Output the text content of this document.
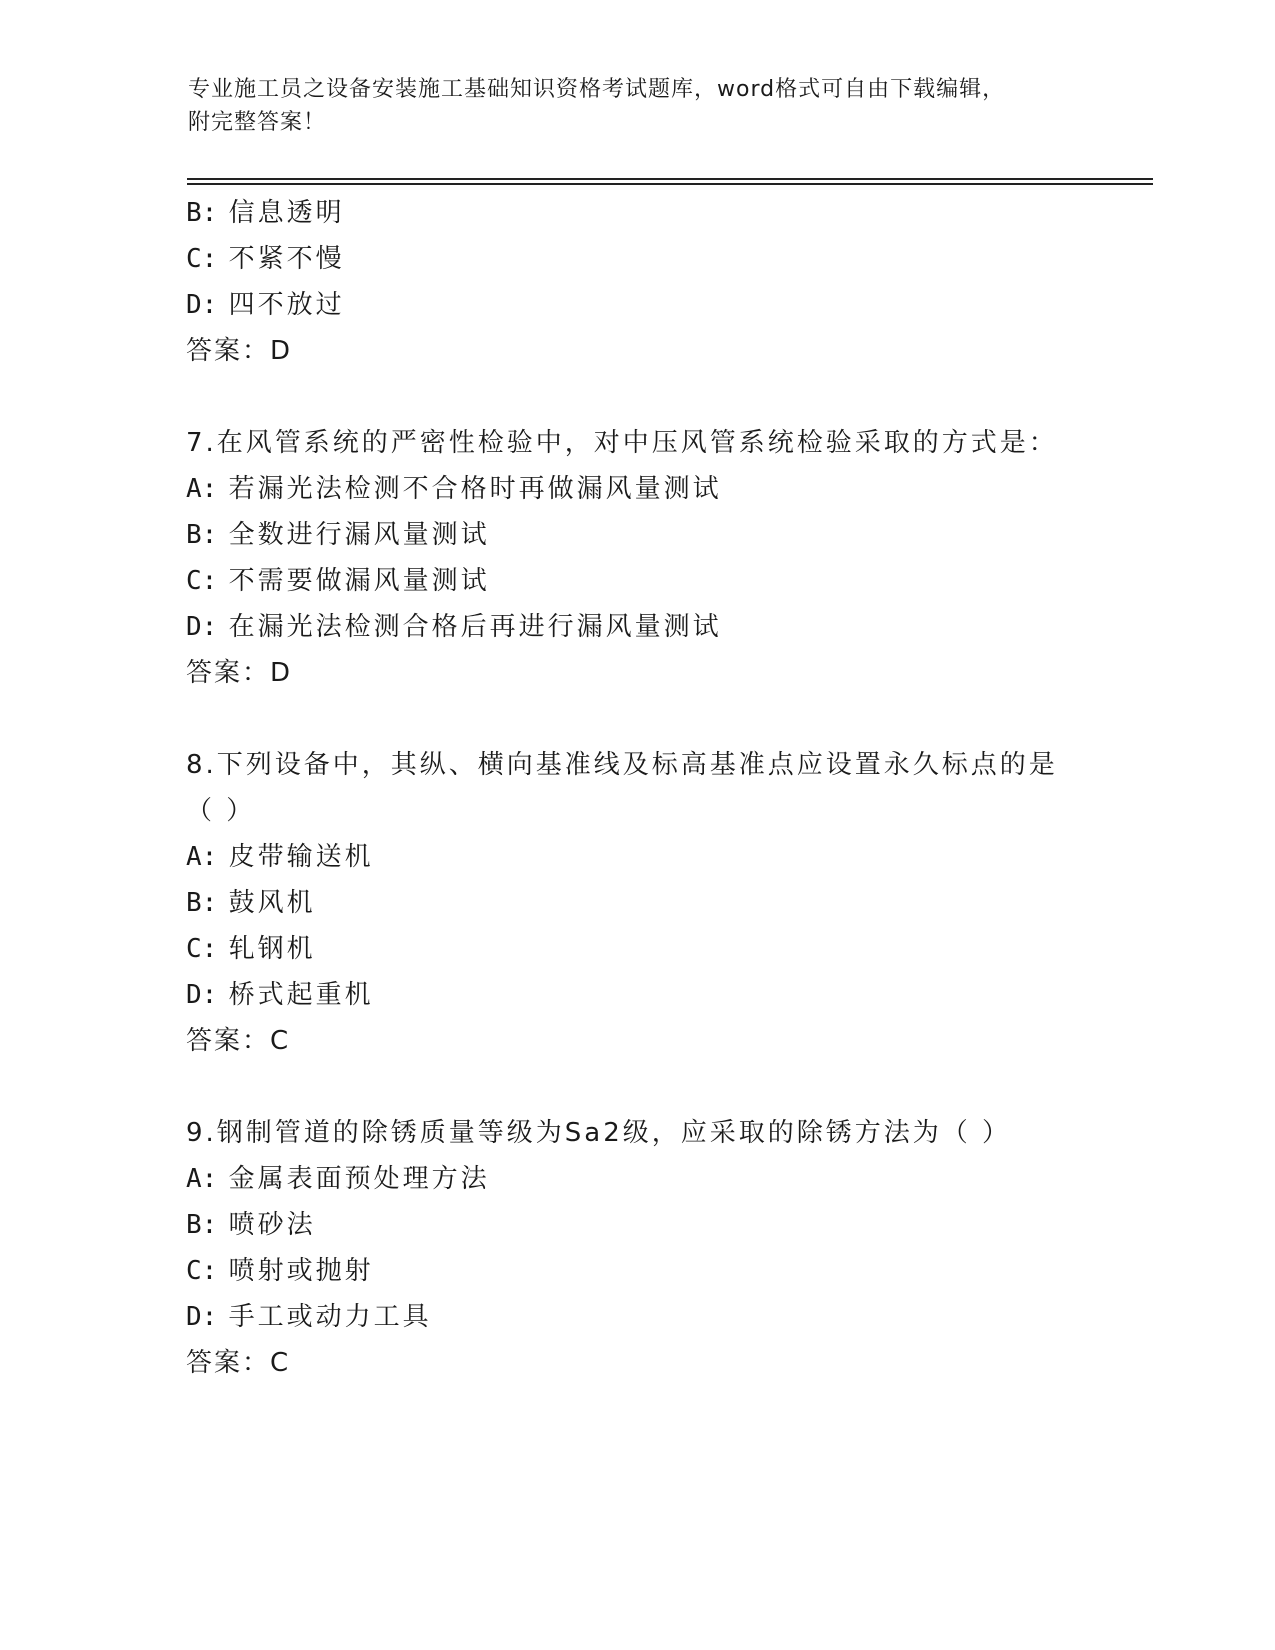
专业施工员之设备安装施工基础知识资格考试题库，word格式可自由下载编辑，
附完整答案！
B: 信息透明
C: 不紧不慢
D: 四不放过
答案：D
7.在风管系统的严密性检验中，对中压风管系统检验采取的方式是：
A: 若漏光法检测不合格时再做漏风量测试
B: 全数进行漏风量测试
C: 不需要做漏风量测试
D: 在漏光法检测合格后再进行漏风量测试
答案：D
8.下列设备中，其纵、横向基准线及标高基准点应设置永久标点的是
（ ）
A: 皮带输送机
B: 鼓风机
C: 轧钢机
D: 桥式起重机
答案：C
9.钢制管道的除锈质量等级为Sa2级，应采取的除锈方法为（ ）
A: 金属表面预处理方法
B: 喷砂法
C: 喷射或抛射
D: 手工或动力工具
答案：C
